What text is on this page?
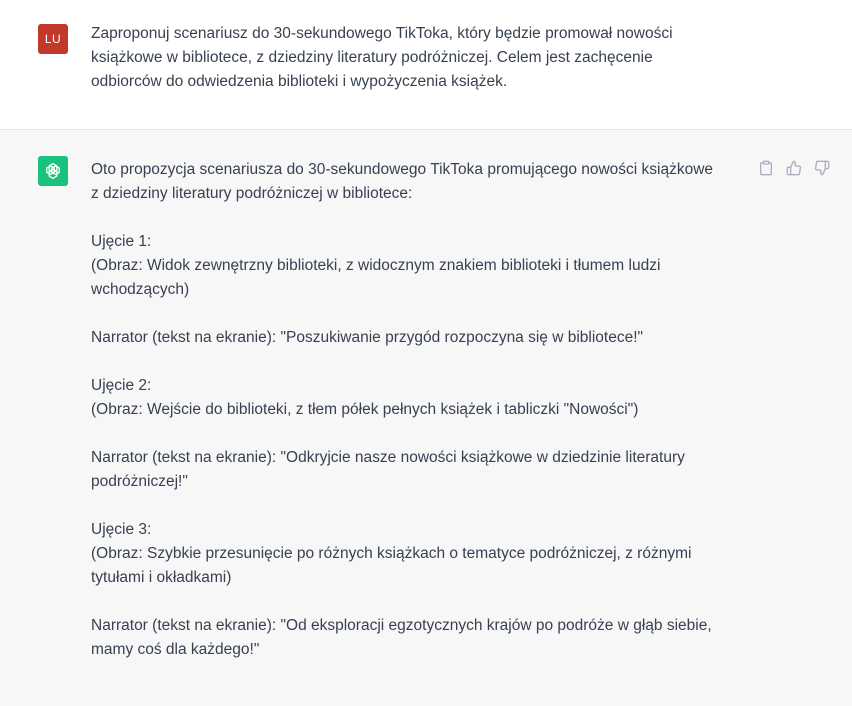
LU Zaproponuj scenariusz do 30-sekundowego TikToka, który będzie promował nowości
książkowe w bibliotece, z dziedziny literatury podróżniczej. Celem jest zachęcenie
odbiorców do odwiedzenia biblioteki i wypożyczenia książek.

Oto propozycja scenariusza do 30-sekundowego TikToka promującego nowości książkowe
z dziedziny literatury podróżniczej w bibliotece:

Ujęcie 1:
(Obraz: Widok zewnętrzny biblioteki, z widocznym znakiem biblioteki i tłumem ludzi
wchodzących)

Narrator (tekst na ekranie): "Poszukiwanie przygód rozpoczyna się w bibliotece!"

Ujęcie 2:
(Obraz: Wejście do biblioteki, z tłem półek pełnych książek i tabliczki "Nowości")

Narrator (tekst na ekranie): "Odkryjcie nasze nowości książkowe w dziedzinie literatury
podróżniczej!"

Ujęcie 3:
(Obraz: Szybkie przesunięcie po różnych książkach o tematyce podróżniczej, z różnymi
tytułami i okładkami)

Narrator (tekst na ekranie): "Od eksploracji egzotycznych krajów po podróże w głąb siebie,
mamy coś dla każdego!"
